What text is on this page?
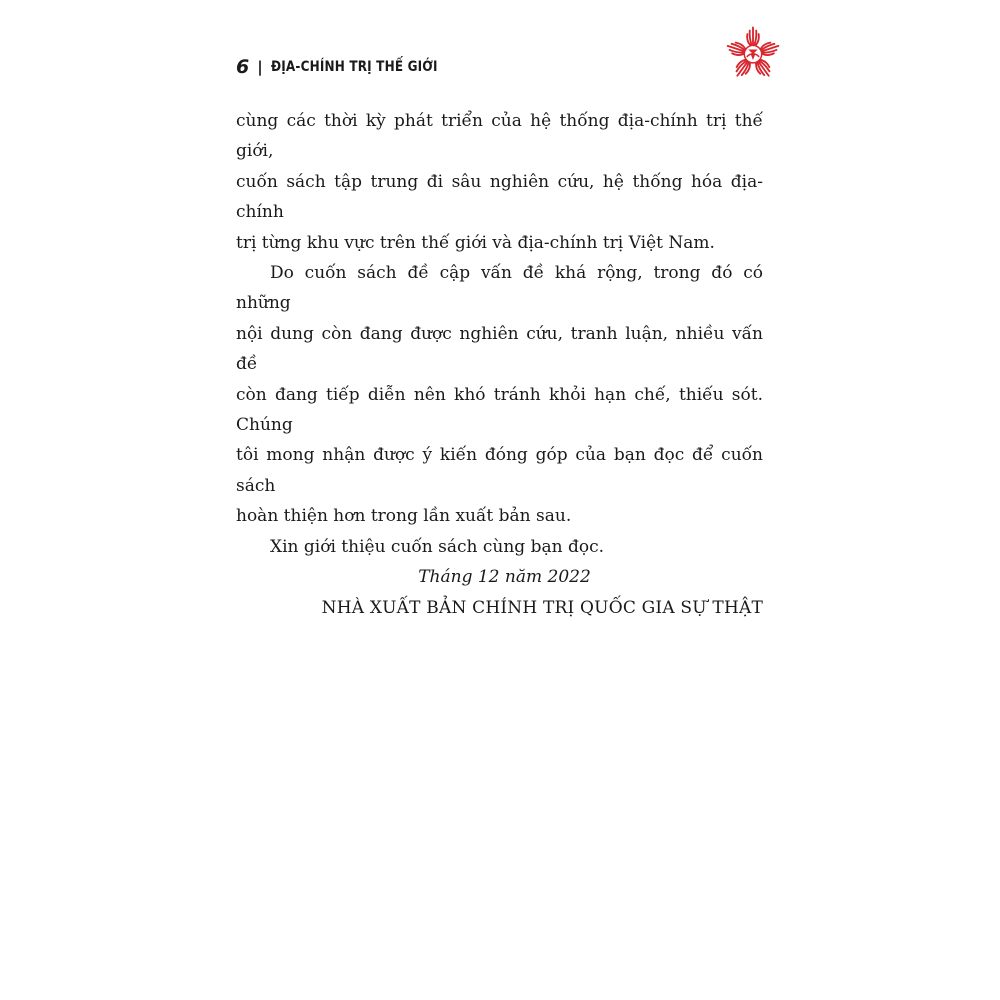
6 | ĐỊA-CHÍNH TRỊ THẾ GIỚI

cùng các thời kỳ phát triển của hệ thống địa-chính trị thế giới,
cuốn sách tập trung đi sâu nghiên cứu, hệ thống hóa địa-chính
trị từng khu vực trên thế giới và địa-chính trị Việt Nam.

Do cuốn sách đề cập vấn đề khá rộng, trong đó có những
nội dung còn đang được nghiên cứu, tranh luận, nhiều vấn đề
còn đang tiếp diễn nên khó tránh khỏi hạn chế, thiếu sót. Chúng
tôi mong nhận được ý kiến đóng góp của bạn đọc để cuốn sách
hoàn thiện hơn trong lần xuất bản sau.

Xin giới thiệu cuốn sách cùng bạn đọc.

Tháng 12 năm 2022

NHÀ XUẤT BẢN CHÍNH TRỊ QUỐC GIA SỰ THẬT
